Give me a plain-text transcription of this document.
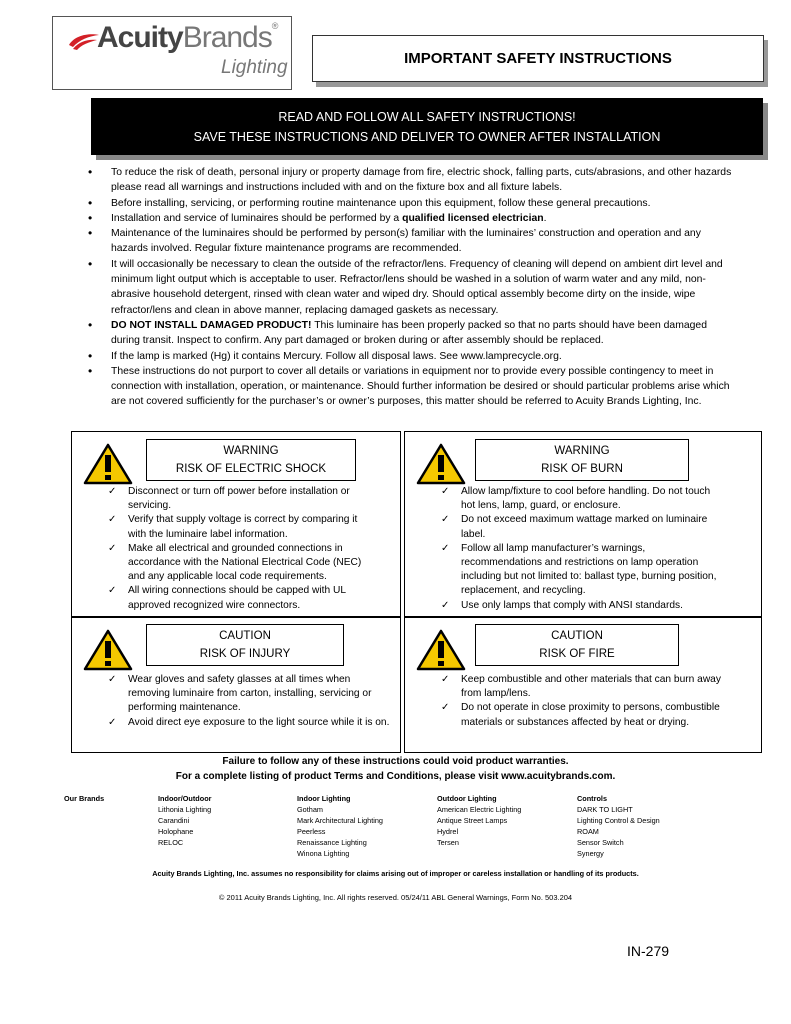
AcuityBrands®
Lighting	IMPORTANT SAFETY INSTRUCTIONS
READ AND FOLLOW ALL SAFETY INSTRUCTIONS!
SAVE THESE INSTRUCTIONS AND DELIVER TO OWNER AFTER INSTALLATION
• To reduce the risk of death, personal injury or property damage from fire, electric shock, falling parts, cuts/abrasions, and other hazards please read all warnings and instructions included with and on the fixture box and all fixture labels.
• Before installing, servicing, or performing routine maintenance upon this equipment, follow these general precautions.
• Installation and service of luminaires should be performed by a qualified licensed electrician.
• Maintenance of the luminaires should be performed by person(s) familiar with the luminaires’ construction and operation and any hazards involved. Regular fixture maintenance programs are recommended.
• It will occasionally be necessary to clean the outside of the refractor/lens. Frequency of cleaning will depend on ambient dirt level and minimum light output which is acceptable to user. Refractor/lens should be washed in a solution of warm water and any mild, non-abrasive household detergent, rinsed with clean water and wiped dry. Should optical assembly become dirty on the inside, wipe refractor/lens and clean in above manner, replacing damaged gaskets as necessary.
• DO NOT INSTALL DAMAGED PRODUCT! This luminaire has been properly packed so that no parts should have been damaged during transit. Inspect to confirm. Any part damaged or broken during or after assembly should be replaced.
• If the lamp is marked (Hg) it contains Mercury. Follow all disposal laws. See www.lamprecycle.org.
• These instructions do not purport to cover all details or variations in equipment nor to provide every possible contingency to meet in connection with installation, operation, or maintenance. Should further information be desired or should particular problems arise which are not covered sufficiently for the purchaser’s or owner’s purposes, this matter should be referred to Acuity Brands Lighting, Inc.
WARNING
RISK OF ELECTRIC SHOCK
✓ Disconnect or turn off power before installation or servicing.
✓ Verify that supply voltage is correct by comparing it with the luminaire label information.
✓ Make all electrical and grounded connections in accordance with the National Electrical Code (NEC) and any applicable local code requirements.
✓ All wiring connections should be capped with UL approved recognized wire connectors.
WARNING
RISK OF BURN
✓ Allow lamp/fixture to cool before handling. Do not touch hot lens, lamp, guard, or enclosure.
✓ Do not exceed maximum wattage marked on luminaire label.
✓ Follow all lamp manufacturer’s warnings, recommendations and restrictions on lamp operation including but not limited to: ballast type, burning position, replacement, and recycling.
✓ Use only lamps that comply with ANSI standards.
CAUTION
RISK OF INJURY
✓ Wear gloves and safety glasses at all times when removing luminaire from carton, installing, servicing or performing maintenance.
✓ Avoid direct eye exposure to the light source while it is on.
CAUTION
RISK OF FIRE
✓ Keep combustible and other materials that can burn away from lamp/lens.
✓ Do not operate in close proximity to persons, combustible materials or substances affected by heat or drying.
Failure to follow any of these instructions could void product warranties.
For a complete listing of product Terms and Conditions, please visit www.acuitybrands.com.
Our Brands	Indoor/Outdoor
Lithonia Lighting
Carandini
Holophane
RELOC
Indoor Lighting
Gotham
Mark Architectural Lighting
Peerless
Renaissance Lighting
Winona Lighting
Outdoor Lighting
American Electric Lighting
Antique Street Lamps
Hydrel
Tersen
Controls
DARK TO LIGHT
Lighting Control & Design
ROAM
Sensor Switch
Synergy
Acuity Brands Lighting, Inc. assumes no responsibility for claims arising out of improper or careless installation or handling of its products.
© 2011 Acuity Brands Lighting, Inc. All rights reserved. 05/24/11 ABL General Warnings, Form No. 503.204
IN-279
